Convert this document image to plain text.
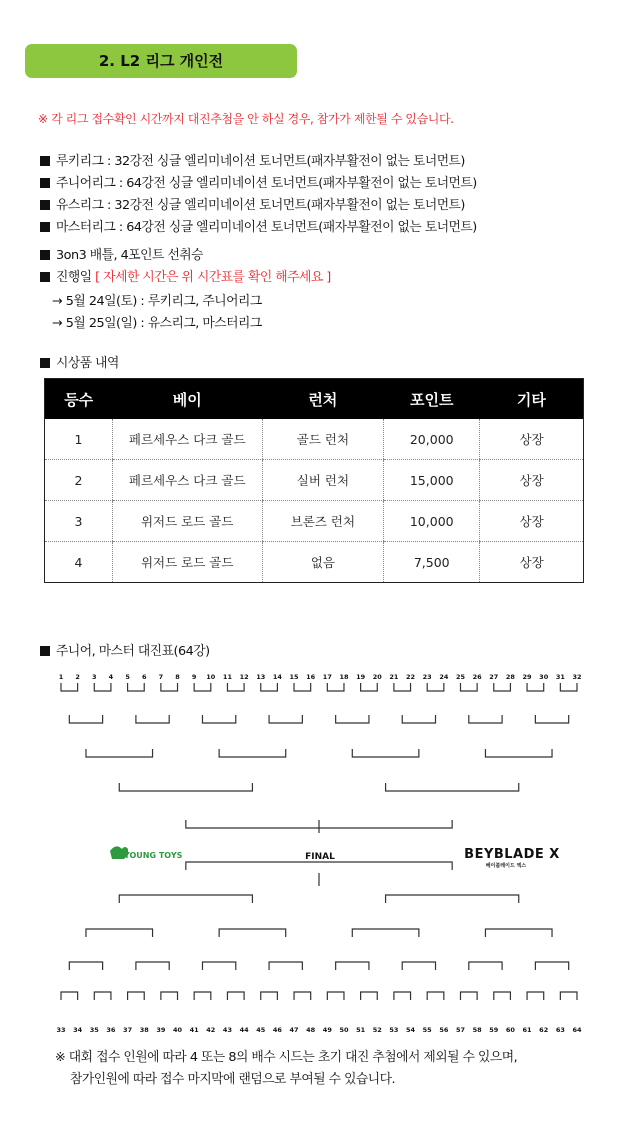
2. L2 리그 개인전
※ 각 리그 접수확인 시간까지 대진추첨을 안 하실 경우, 참가가 제한될 수 있습니다.
루키리그 : 32강전 싱글 엘리미네이션 토너먼트(패자부활전이 없는 토너먼트)
주니어리그 : 64강전 싱글 엘리미네이션 토너먼트(패자부활전이 없는 토너먼트)
유스리그 : 32강전 싱글 엘리미네이션 토너먼트(패자부활전이 없는 토너먼트)
마스터리그 : 64강전 싱글 엘리미네이션 토너먼트(패자부활전이 없는 토너먼트)
3on3 배틀, 4포인트 선취승
진행일 [ 자세한 시간은 위 시간표를 확인 해주세요 ]
→ 5월 24일(토) : 루키리그, 주니어리그
→ 5월 25일(일) : 유스리그, 마스터리그
시상품 내역
등수	베이	런처	포인트	기타
1	페르세우스 다크 골드	골드 런처	20,000	상장
2	페르세우스 다크 골드	실버 런처	15,000	상장
3	위저드 로드 골드	브론즈 런처	10,000	상장
4	위저드 로드 골드	없음	7,500	상장
주니어, 마스터 대진표(64강)
1 2 3 4 5 6 7 8 9 10 11 12 13 14 15 16 17 18 19 20 21 22 23 24 25 26 27 28 29 30 31 32
33 34 35 36 37 38 39 40 41 42 43 44 45 46 47 48 49 50 51 52 53 54 55 56 57 58 59 60 61 62 63 64
YOUNG TOYS	FINAL	BEYBLADE X
베이블레이드 엑스
※ 대회 접수 인원에 따라 4 또는 8의 배수 시드는 초기 대진 추첨에서 제외될 수 있으며,
참가인원에 따라 접수 마지막에 랜덤으로 부여될 수 있습니다.
